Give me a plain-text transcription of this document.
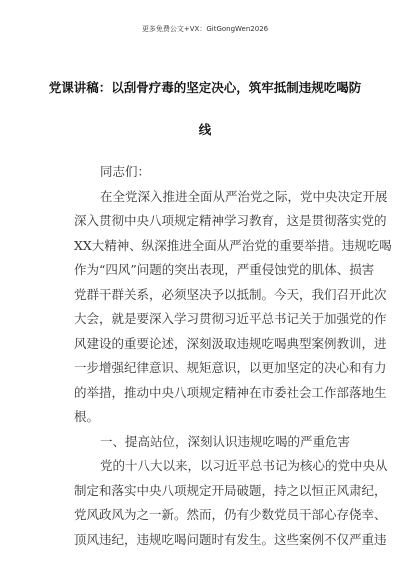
更多免费公文+VX：GitGongWen2026
党课讲稿：以刮骨疗毒的坚定决心，筑牢抵制违规吃喝防
线
同志们：
在全党深入推进全面从严治党之际，党中央决定开展
深入贯彻中央八项规定精神学习教育，这是贯彻落实党的
XX大精神、纵深推进全面从严治党的重要举措。违规吃喝
作为“四风”问题的突出表现，严重侵蚀党的肌体、损害
党群干群关系，必须坚决予以抵制。今天，我们召开此次
大会，就是要深入学习贯彻习近平总书记关于加强党的作
风建设的重要论述，深刻汲取违规吃喝典型案例教训，进
一步增强纪律意识、规矩意识，以更加坚定的决心和有力
的举措，推动中央八项规定精神在市委社会工作部落地生
根。
一、提高站位，深刻认识违规吃喝的严重危害
党的十八大以来，以习近平总书记为核心的党中央从
制定和落实中央八项规定开局破题，持之以恒正风肃纪，
党风政风为之一新。然而，仍有少数党员干部心存侥幸、
顶风违纪，违规吃喝问题时有发生。这些案例不仅严重违
